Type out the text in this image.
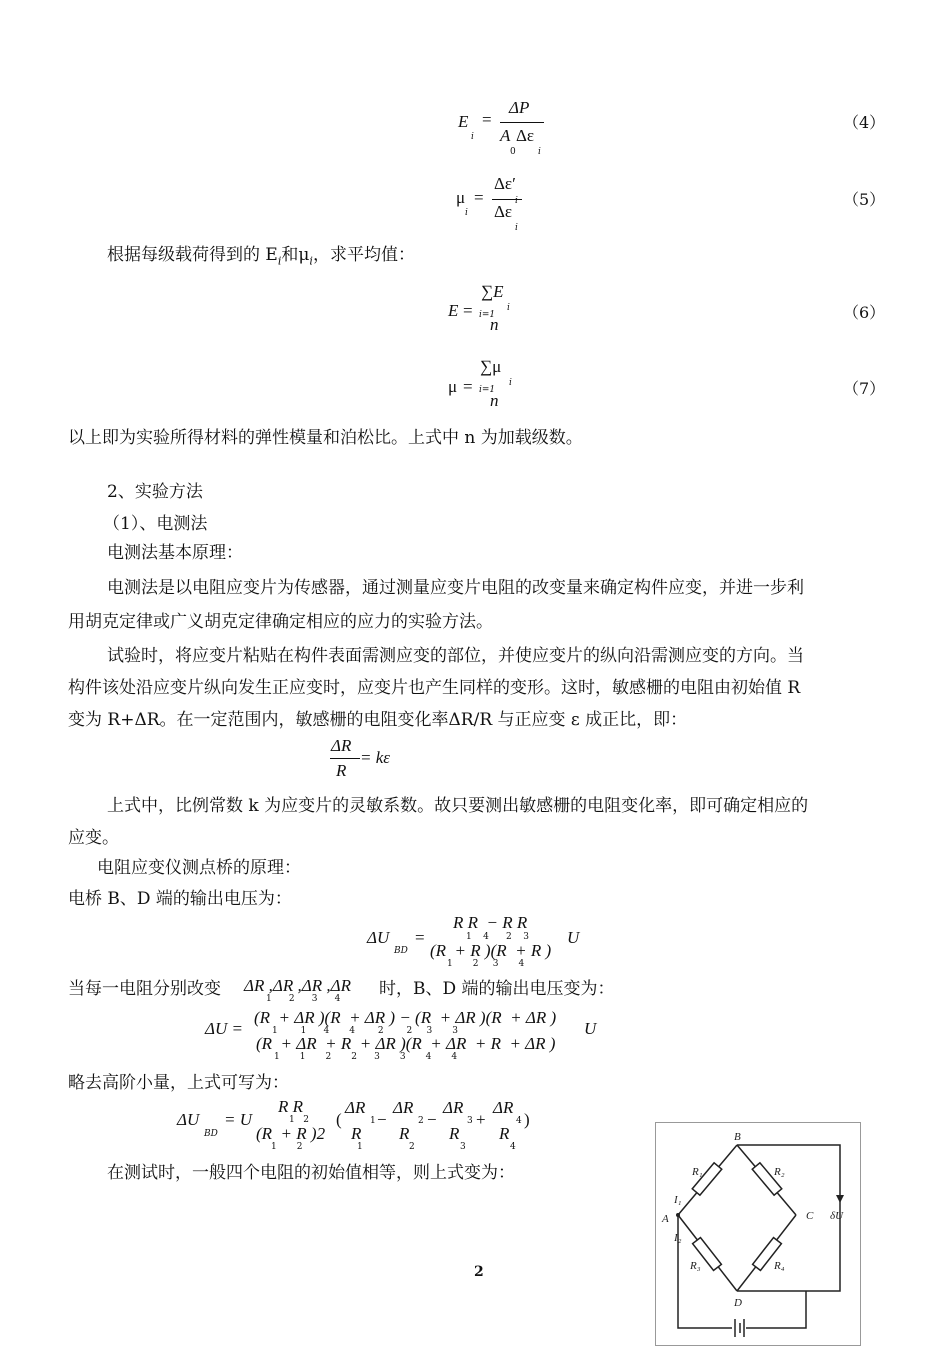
E
i
=
ΔP
A
0
Δε
i
（4）
μ
i
=
Δε′
i
Δε
i
（5）
根据每级载荷得到的 $E_i$和$\mu_i$，求平均值：
E =
∑E
i
i=1
n
（6）
μ =
∑μ
i
i=1
n
（7）
以上即为实验所得材料的弹性模量和泊松比。上式中 n 为加载级数。
2、实验方法
（1）、电测法
电测法基本原理：
电测法是以电阻应变片为传感器，通过测量应变片电阻的改变量来确定构件应变，并进一步利
用胡克定律或广义胡克定律确定相应的应力的实验方法。
试验时，将应变片粘贴在构件表面需测应变的部位，并使应变片的纵向沿需测应变的方向。当
构件该处沿应变片纵向发生正应变时，应变片也产生同样的变形。这时，敏感栅的电阻由初始值 R
变为 R+ΔR。在一定范围内，敏感栅的电阻变化率ΔR/R 与正应变 ε 成正比，即：
ΔR
R
= kε
上式中，比例常数 k 为应变片的灵敏系数。故只要测出敏感栅的电阻变化率，即可确定相应的
应变。
电阻应变仪测点桥的原理：
电桥 B、D 端的输出电压为：
ΔU
BD
=
R R  − R R
1    4      2    3
(R  + R )(R  + R )
1       2     3       4
U
当每一电阻分别改变 ΔR ,ΔR ,ΔR ,ΔR
1      2      3      4 时，B、D 端的输出电压变为：
ΔU =
(R  + ΔR )(R  + ΔR ) − (R  + ΔR )(R  + ΔR )
1        1      4       4        2        2     3       3
(R  + ΔR  + R  + ΔR )(R  + ΔR  + R  + ΔR )
1       1       2       2      3       3       4       4
U
略去高阶小量，上式可写为：
ΔU
BD
= U
R R
1   2
(R  + R )2
1       2
(
ΔR
R
1
1
−
ΔR
R
2
2
−
ΔR
R
3
3
+
ΔR
R
4
4
)
在测试时，一般四个电阻的初始值相等，则上式变为：
2
B
A	C
D
R₁	R₂
R₃	R₄
I₁
I₂
δU
